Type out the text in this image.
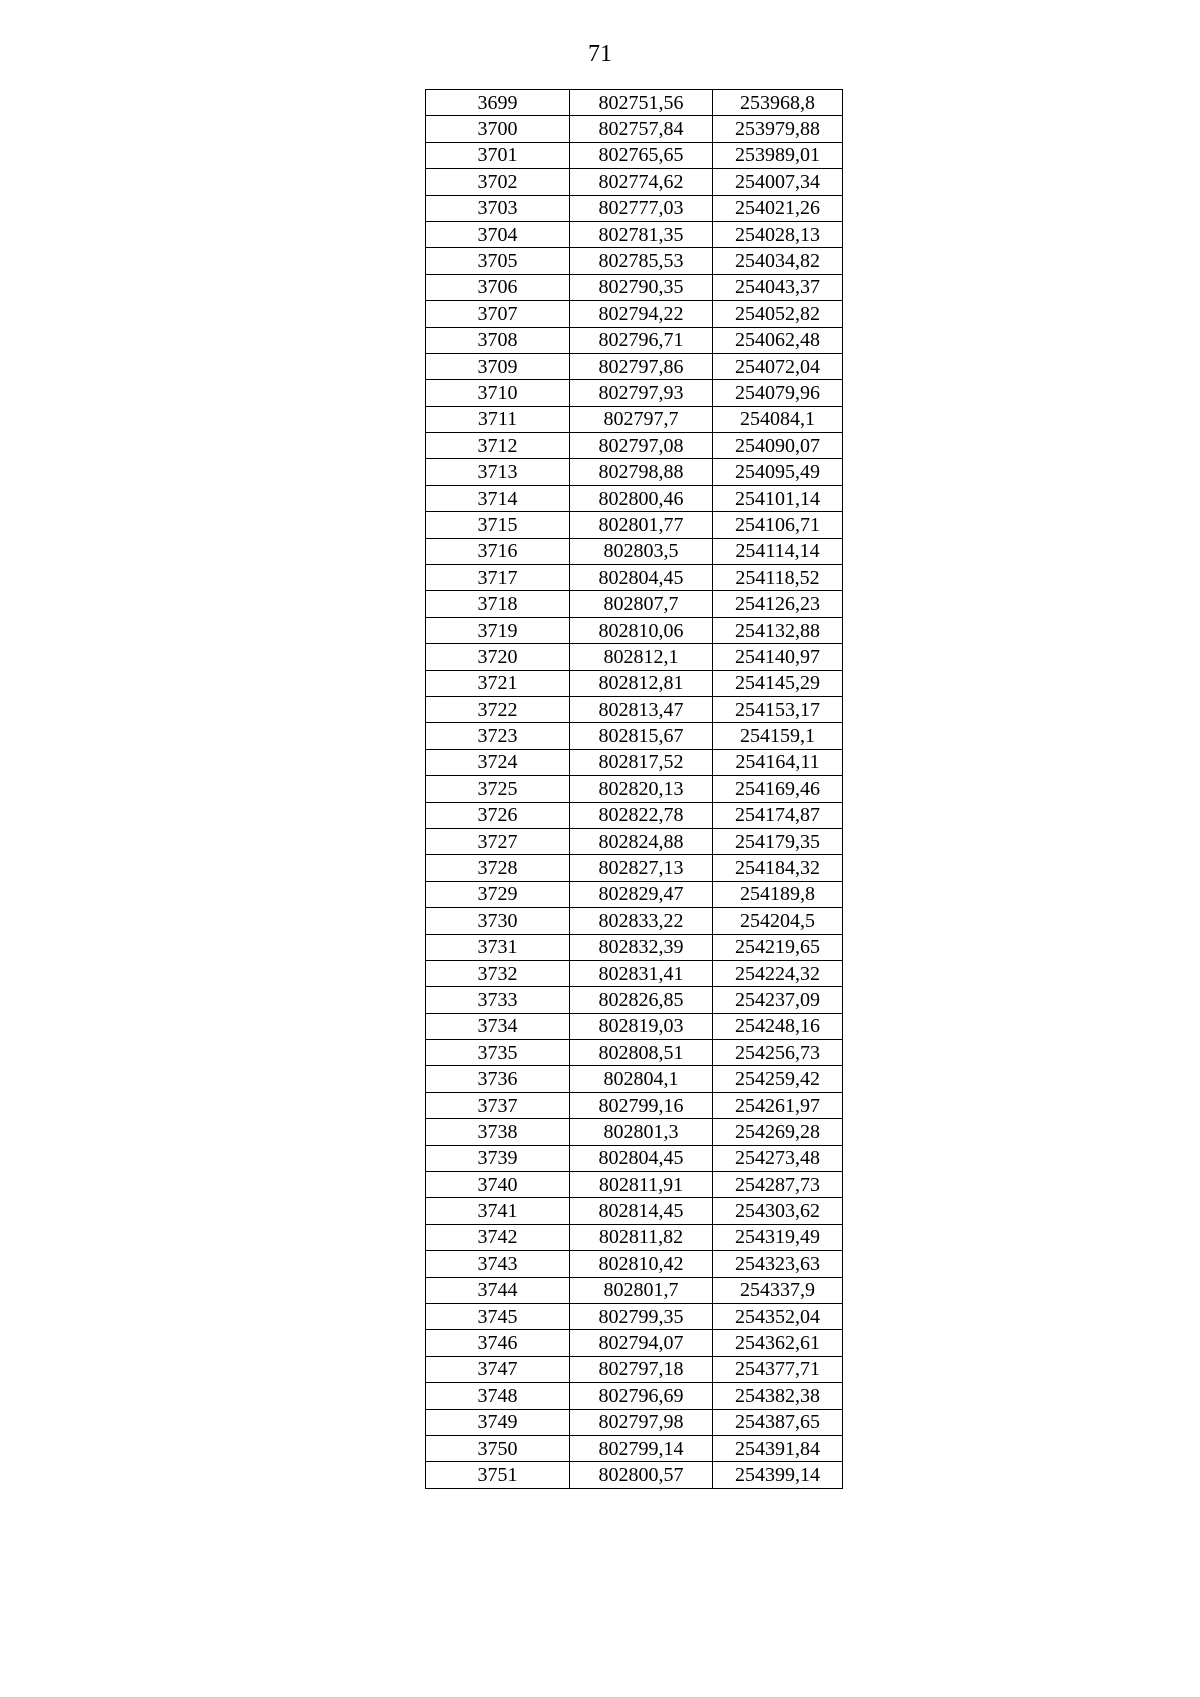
71
3699	802751,56	253968,8
3700	802757,84	253979,88
3701	802765,65	253989,01
3702	802774,62	254007,34
3703	802777,03	254021,26
3704	802781,35	254028,13
3705	802785,53	254034,82
3706	802790,35	254043,37
3707	802794,22	254052,82
3708	802796,71	254062,48
3709	802797,86	254072,04
3710	802797,93	254079,96
3711	802797,7	254084,1
3712	802797,08	254090,07
3713	802798,88	254095,49
3714	802800,46	254101,14
3715	802801,77	254106,71
3716	802803,5	254114,14
3717	802804,45	254118,52
3718	802807,7	254126,23
3719	802810,06	254132,88
3720	802812,1	254140,97
3721	802812,81	254145,29
3722	802813,47	254153,17
3723	802815,67	254159,1
3724	802817,52	254164,11
3725	802820,13	254169,46
3726	802822,78	254174,87
3727	802824,88	254179,35
3728	802827,13	254184,32
3729	802829,47	254189,8
3730	802833,22	254204,5
3731	802832,39	254219,65
3732	802831,41	254224,32
3733	802826,85	254237,09
3734	802819,03	254248,16
3735	802808,51	254256,73
3736	802804,1	254259,42
3737	802799,16	254261,97
3738	802801,3	254269,28
3739	802804,45	254273,48
3740	802811,91	254287,73
3741	802814,45	254303,62
3742	802811,82	254319,49
3743	802810,42	254323,63
3744	802801,7	254337,9
3745	802799,35	254352,04
3746	802794,07	254362,61
3747	802797,18	254377,71
3748	802796,69	254382,38
3749	802797,98	254387,65
3750	802799,14	254391,84
3751	802800,57	254399,14
